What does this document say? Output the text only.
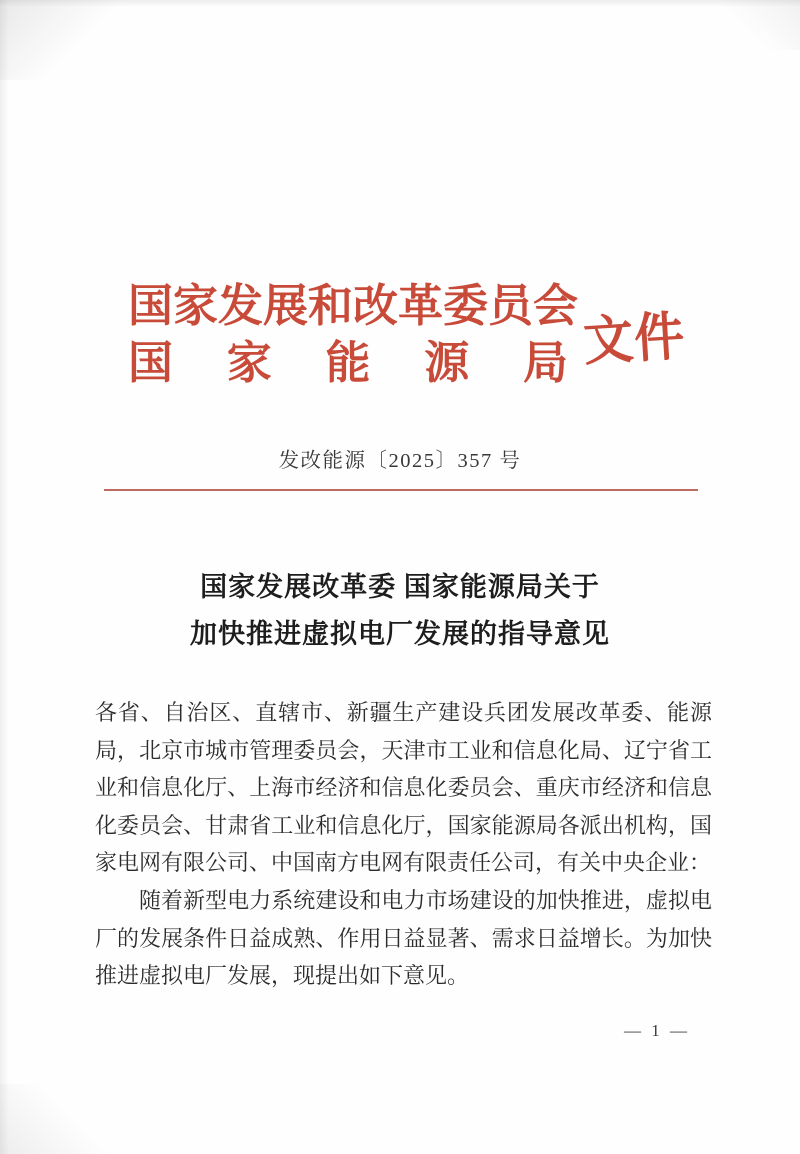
国家发展和改革委员会
国家能源局 文件
发改能源〔2025〕357 号
国家发展改革委 国家能源局关于
加快推进虚拟电厂发展的指导意见

各省、自治区、直辖市、新疆生产建设兵团发展改革委、能源局，北京市城市管理委员会，天津市工业和信息化局、辽宁省工业和信息化厅、上海市经济和信息化委员会、重庆市经济和信息化委员会、甘肃省工业和信息化厅，国家能源局各派出机构，国家电网有限公司、中国南方电网有限责任公司，有关中央企业：

随着新型电力系统建设和电力市场建设的加快推进，虚拟电厂的发展条件日益成熟、作用日益显著、需求日益增长。为加快推进虚拟电厂发展，现提出如下意见。

— 1 —
